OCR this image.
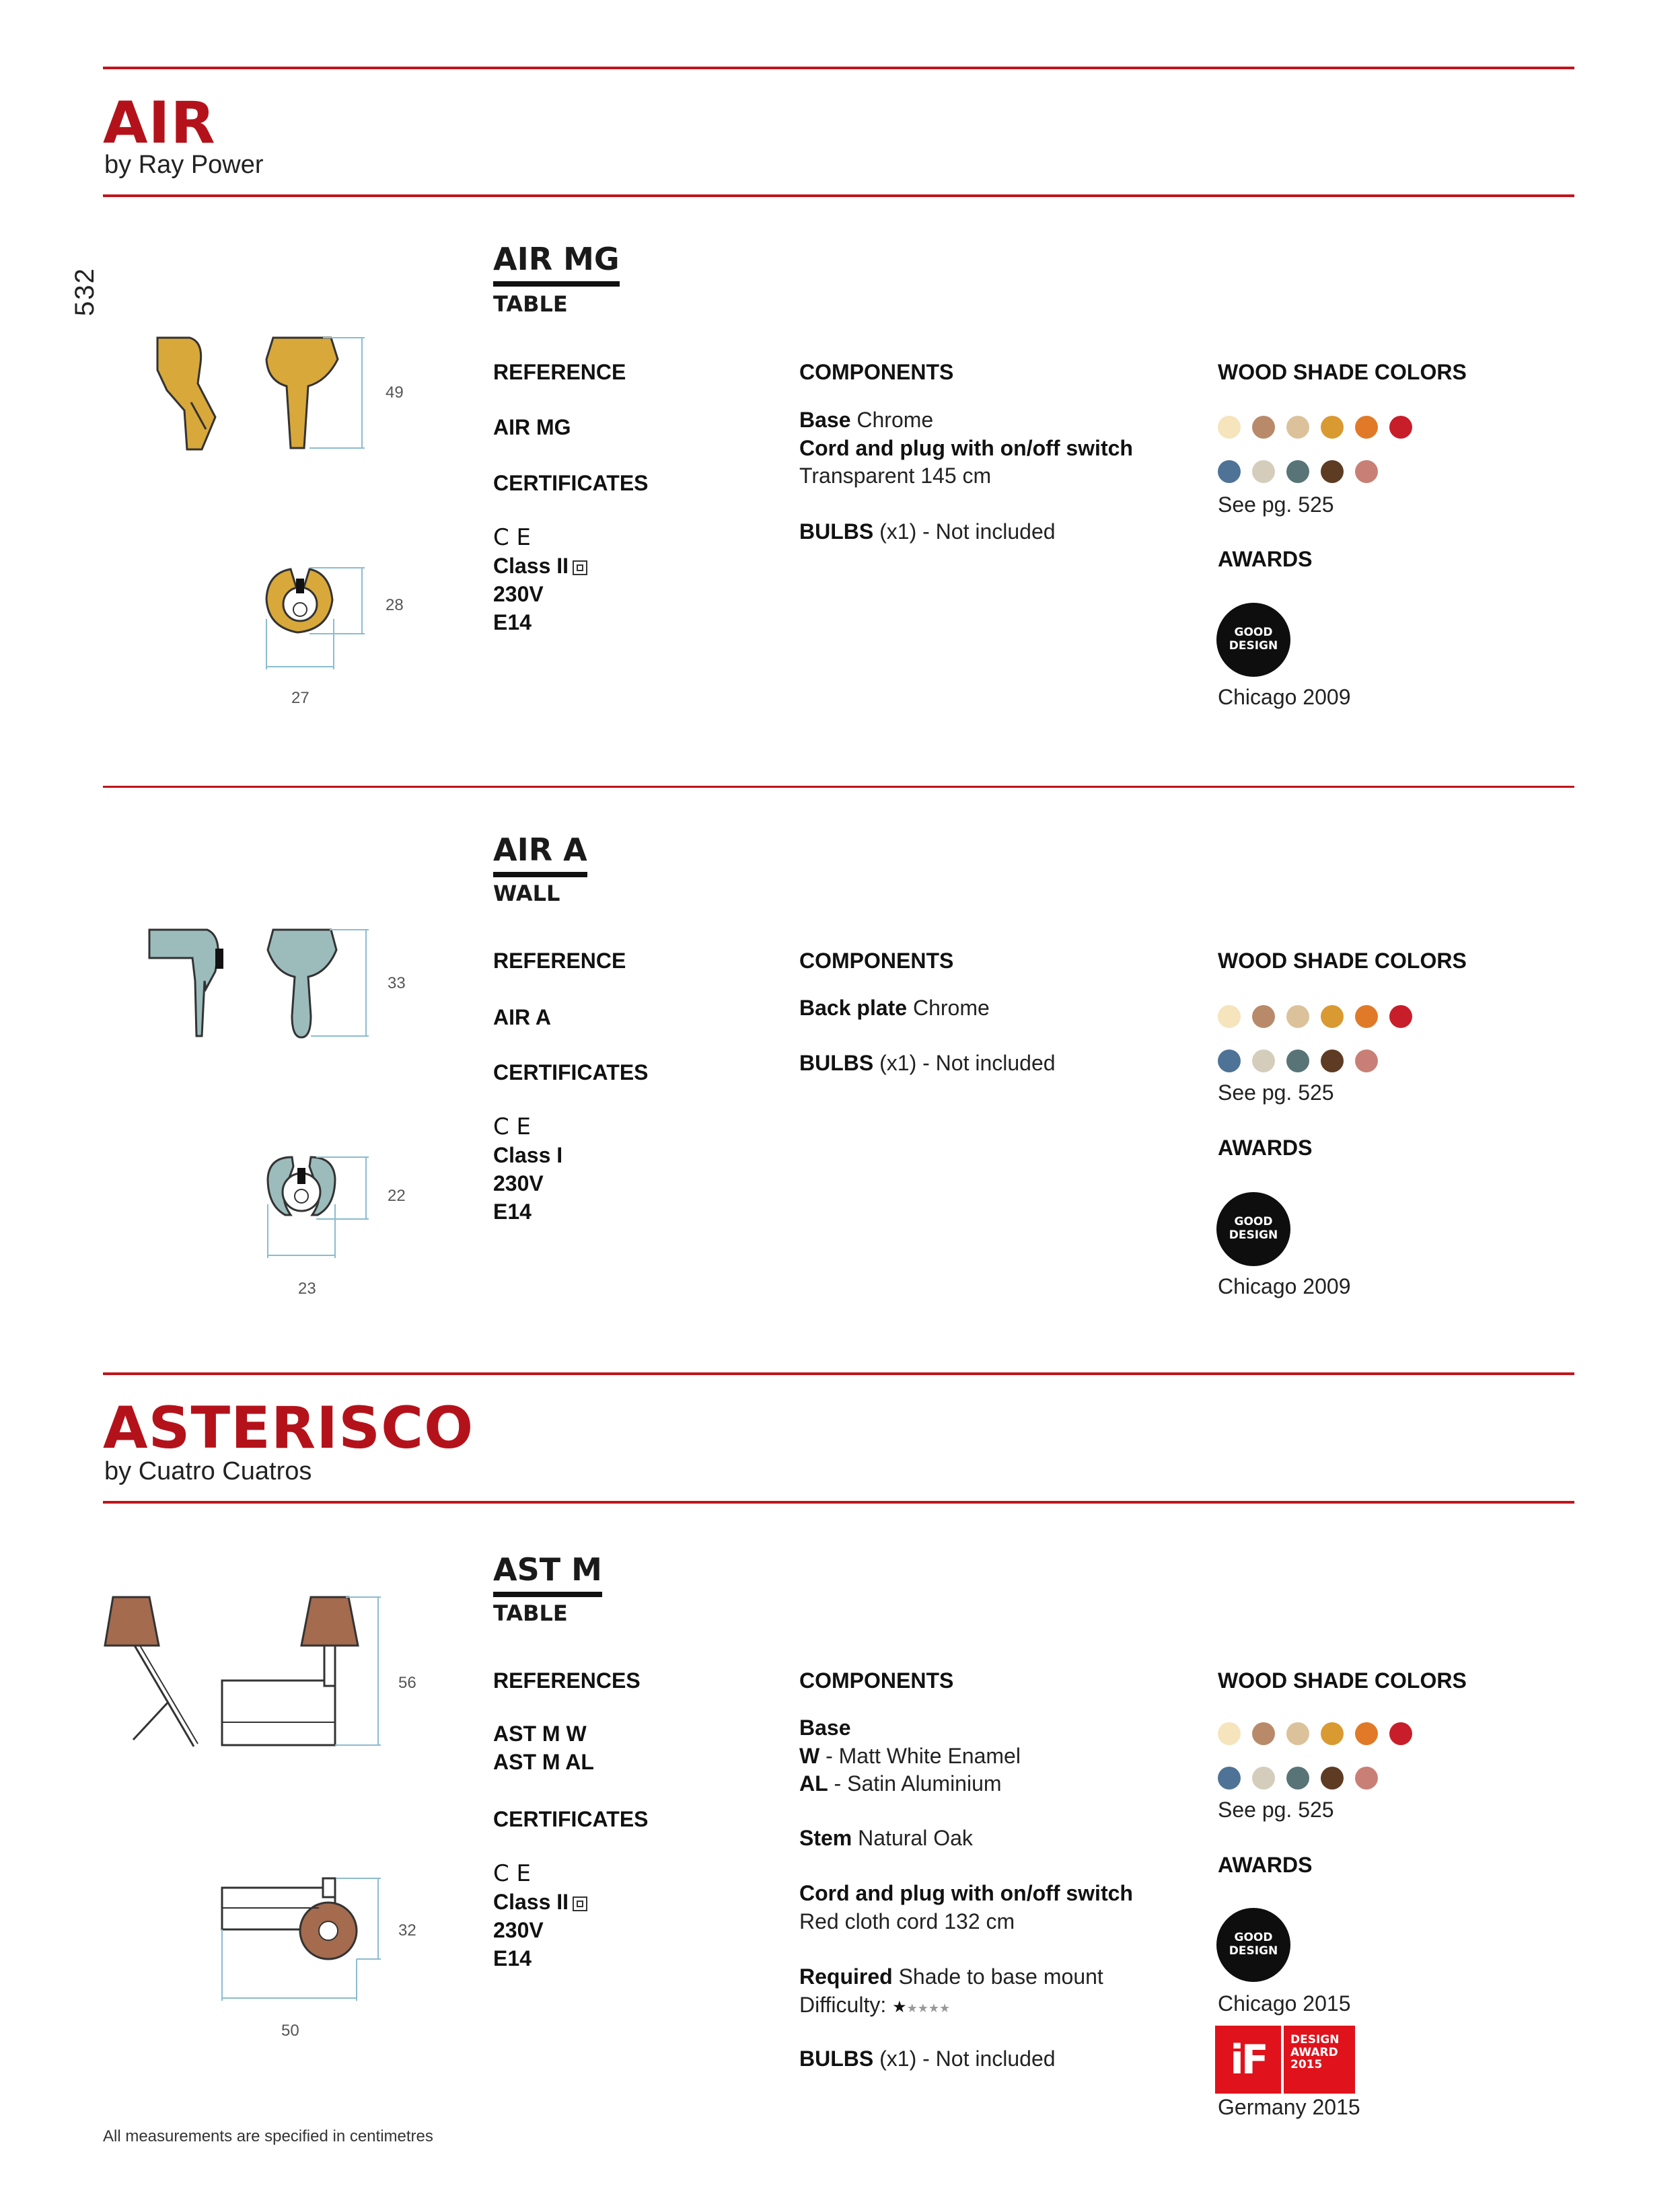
532
AIR
by Ray Power
49
28
27
AIR MG
TABLE
REFERENCE
AIR MG
CERTIFICATES
C E
Class II
230V
E14
COMPONENTS
Base Chrome
Cord and plug with on/off switch
Transparent 145 cm
BULBS (x1) - Not included
WOOD SHADE COLORS
See pg. 525
AWARDS
GOOD
DESIGN
Chicago 2009
33
22
23
AIR A
WALL
REFERENCE
AIR A
CERTIFICATES
C E
Class I
230V
E14
COMPONENTS
Back plate Chrome
BULBS (x1) - Not included
WOOD SHADE COLORS
See pg. 525
AWARDS
GOOD
DESIGN
Chicago 2009
ASTERISCO
by Cuatro Cuatros
56
32
50
AST M
TABLE
REFERENCES
AST M W
AST M AL
CERTIFICATES
C E
Class II
230V
E14
COMPONENTS
Base
W - Matt White Enamel
AL - Satin Aluminium
Stem Natural Oak
Cord and plug with on/off switch
Red cloth cord 132 cm
Required Shade to base mount
Difficulty: ★★★★★
BULBS (x1) - Not included
WOOD SHADE COLORS
See pg. 525
AWARDS
GOOD
DESIGN
Chicago 2015
iF	DESIGN
AWARD
2015
Germany 2015
All measurements are specified in centimetres
